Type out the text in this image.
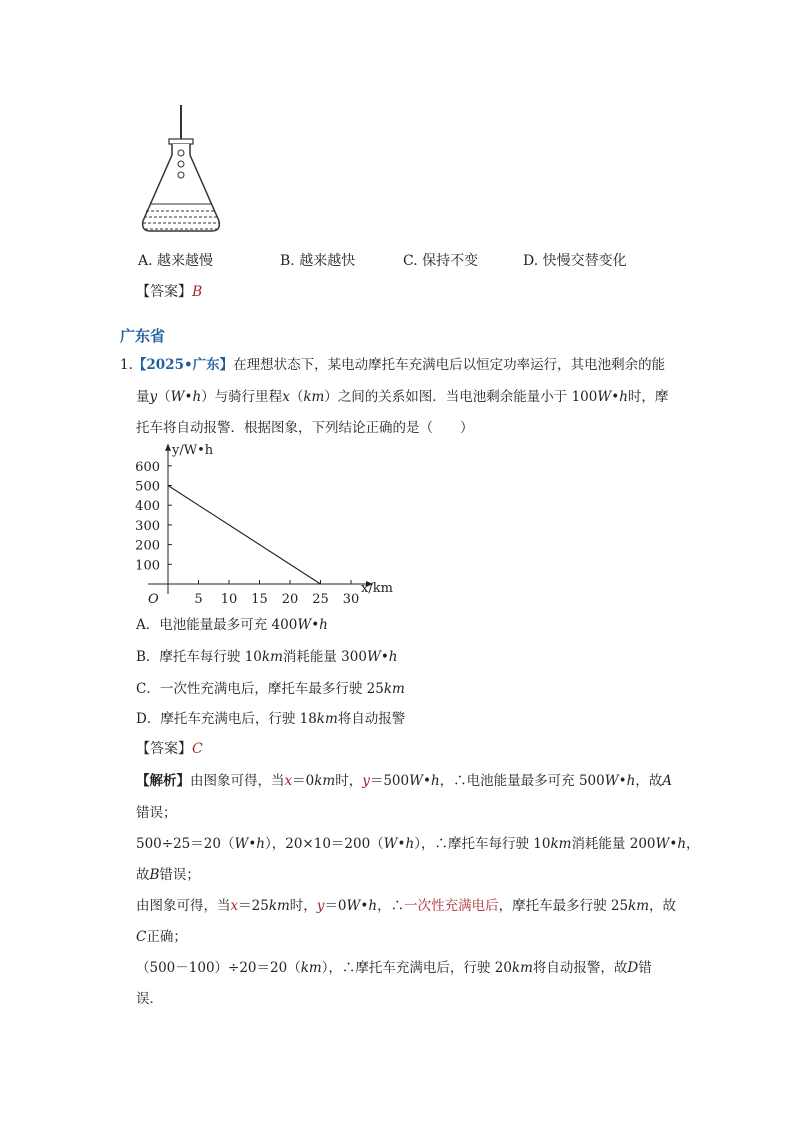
A. 越来越慢	B. 越来越快	C. 保持不变	D. 快慢交替变化
【答案】B
广东省
1.【2025•广东】在理想状态下，某电动摩托车充满电后以恒定功率运行，其电池剩余的能
量y（W•h）与骑行里程x（km）之间的关系如图．当电池剩余能量小于 100W•h时，摩
托车将自动报警．根据图象，下列结论正确的是（　　）
5 10 15 20 25 30
100
200
300
400
500
600
O
y/W•h
x/km
A．电池能量最多可充 400W•h
B．摩托车每行驶 10km消耗能量 300W•h
C．一次性充满电后，摩托车最多行驶 25km
D．摩托车充满电后，行驶 18km将自动报警
【答案】C
【解析】由图象可得，当x＝0km时，y＝500W•h，∴电池能量最多可充 500W•h，故A
错误；
500÷25＝20（W•h），20×10＝200（W•h），∴摩托车每行驶 10km消耗能量 200W•h，
故B错误；
由图象可得，当x＝25km时，y＝0W•h，∴一次性充满电后，摩托车最多行驶 25km，故
C正确；
（500－100）÷20＝20（km），∴摩托车充满电后，行驶 20km将自动报警，故D错
误．
